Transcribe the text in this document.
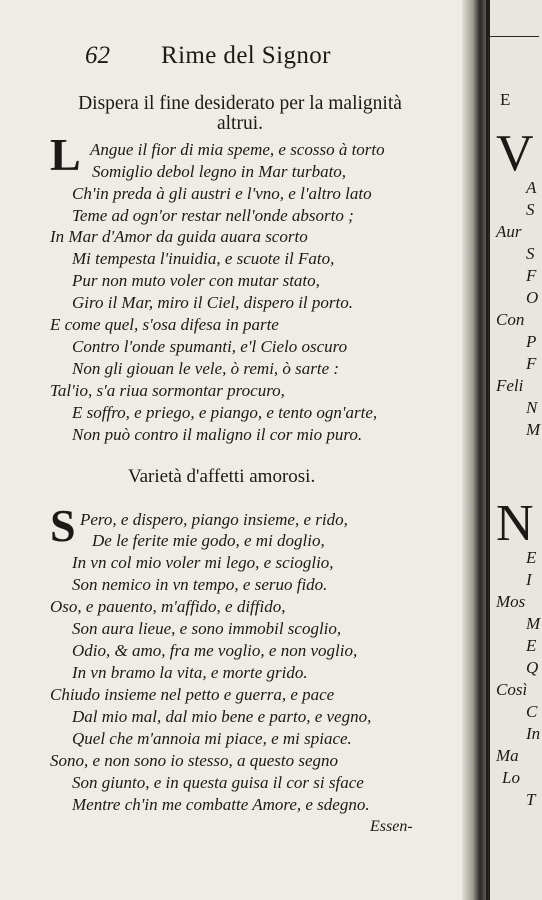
62 Rime del Signor
Dispera il fine desiderato per la malignità
altrui.
L Angue il fior di mia speme, e scosso à torto
Somiglio debol legno in Mar turbato,
Ch'in preda à gli austri e l'vno, e l'altro lato
Teme ad ogn'or restar nell'onde absorto ;
In Mar d'Amor da guida auara scorto
Mi tempesta l'inuidia, e scuote il Fato,
Pur non muto voler con mutar stato,
Giro il Mar, miro il Ciel, dispero il porto.
E come quel, s'osa difesa in parte
Contro l'onde spumanti, e'l Cielo oscuro
Non gli giouan le vele, ò remi, ò sarte :
Tal'io, s'a riua sormontar procuro,
E soffro, e priego, e piango, e tento ogn'arte,
Non può contro il maligno il cor mio puro.
Varietà d'affetti amorosi.
S Pero, e dispero, piango insieme, e rido,
De le ferite mie godo, e mi doglio,
In vn col mio voler mi lego, e scioglio,
Son nemico in vn tempo, e seruo fido.
Oso, e pauento, m'affido, e diffido,
Son aura lieue, e sono immobil scoglio,
Odio, & amo, fra me voglio, e non voglio,
In vn bramo la vita, e morte grido.
Chiudo insieme nel petto e guerra, e pace
Dal mio mal, dal mio bene e parto, e vegno,
Quel che m'annoia mi piace, e mi spiace.
Sono, e non sono io stesso, a questo segno
Son giunto, e in questa guisa il cor si sface
Mentre ch'in me combatte Amore, e sdegno.
Essen-
E
V
A
S
Aur
S
F
O
Con
P
F
Feli
N
M
N
E
I
Mos
M
E
Q
Così
C
In
Ma
Lo
T
